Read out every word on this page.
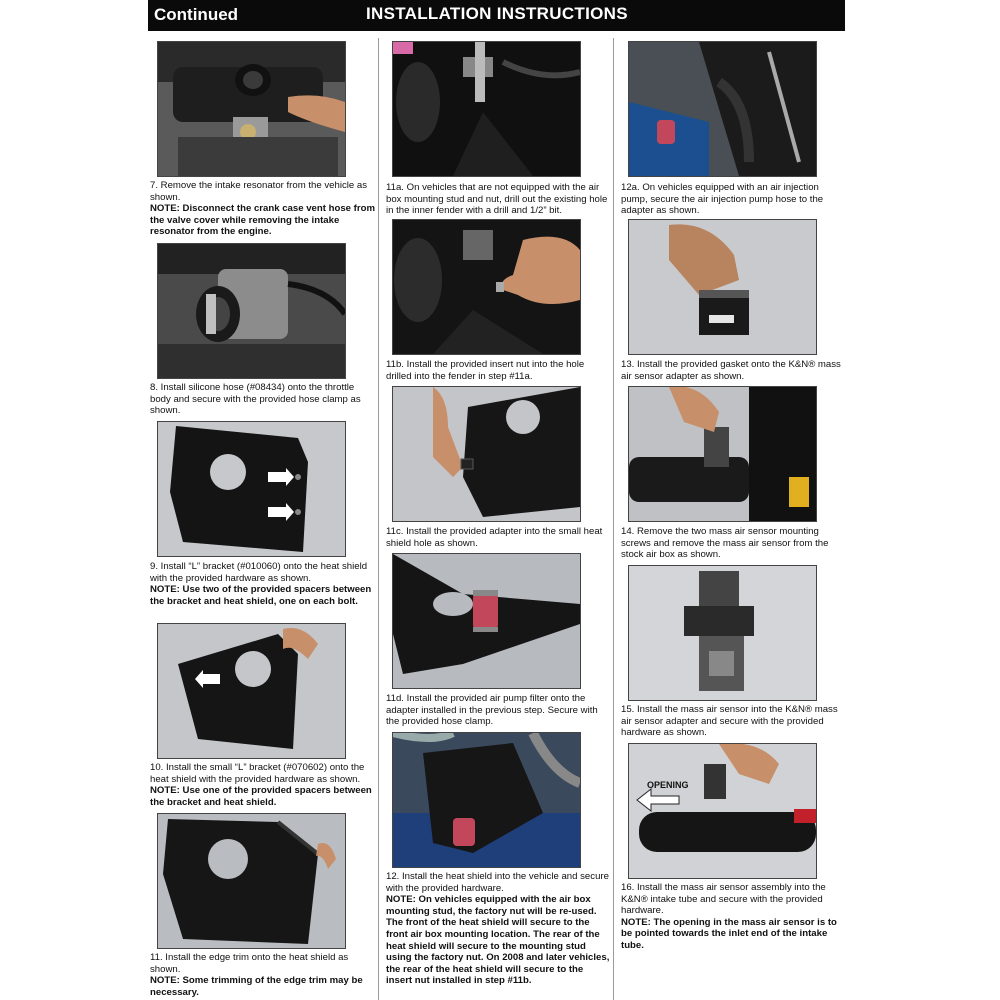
Continued	INSTALLATION INSTRUCTIONS

7. Remove the intake resonator from the vehicle as shown.

NOTE: Disconnect the crank case vent hose from the valve cover while removing the intake resonator from the engine.

8. Install silicone hose (#08434) onto the throttle body and secure with the provided hose clamp as shown.

9. Install “L” bracket (#010060) onto the heat shield with the provided hardware as shown.

NOTE: Use two of the provided spacers between the bracket and heat shield, one on each bolt.

10. Install the small “L” bracket (#070602) onto the heat shield with the provided hardware as shown.

NOTE: Use one of the provided spacers between the bracket and heat shield.

11. Install the edge trim onto the heat shield as shown.

NOTE: Some trimming of the edge trim may be necessary.

11a. On vehicles that are not equipped with the air box mounting stud and nut, drill out the existing hole in the inner fender with a drill and 1/2” bit.

11b. Install the provided insert nut into the hole drilled into the fender in step #11a.

11c. Install the provided adapter into the small heat shield hole as shown.

11d. Install the provided air pump filter onto the adapter installed in the previous step. Secure with the provided hose clamp.

12. Install the heat shield into the vehicle and secure with the provided hardware.

NOTE: On vehicles equipped with the air box mounting stud, the factory nut will be re-used. The front of the heat shield will secure to the front air box mounting location. The rear of the heat shield will secure to the mounting stud using the factory nut. On 2008 and later vehicles, the rear of the heat shield will secure to the insert nut installed in step #11b.

12a. On vehicles equipped with an air injection pump, secure the air injection pump hose to the adapter as shown.

13. Install the provided gasket onto the K&N® mass air sensor adapter as shown.

14. Remove the two mass air sensor mounting screws and remove the mass air sensor from the stock air box as shown.

15. Install the mass air sensor into the K&N® mass air sensor adapter and secure with the provided hardware as shown.

OPENING

16. Install the mass air sensor assembly into the K&N® intake tube and secure with the provided hardware.

NOTE: The opening in the mass air sensor is to be pointed towards the inlet end of the intake tube.
